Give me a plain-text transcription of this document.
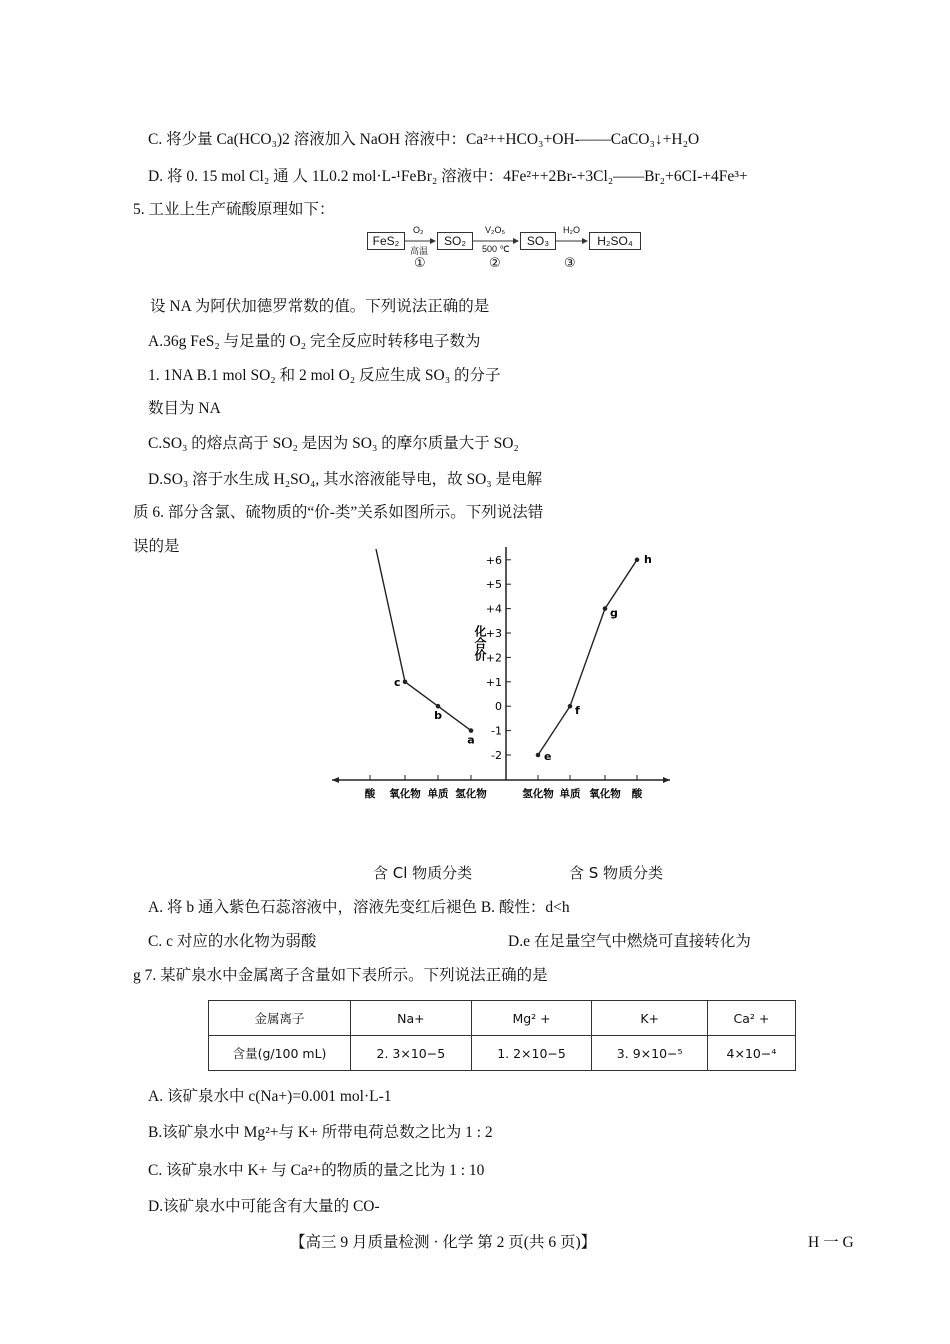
C. 将少量 Ca(HCO₃)2 溶液加入 NaOH 溶液中：Ca²++HCO₃+OH-——CaCO₃↓+H₂O
D. 将 0. 15 mol Cl₂ 通 人 1L0.2 mol·L-¹FeBr₂ 溶液中：4Fe²++2Br-+3Cl₂——Br₂+6CI-+4Fe³+
5. 工业上生产硫酸原理如下：
FeS₂	SO₂	SO₃	H₂SO₄
O₂
高温
V₂O₅
500 ℃
H₂O
①	②	③
设 NA 为阿伏加德罗常数的值。下列说法正确的是
A.36g FeS₂ 与足量的 O₂ 完全反应时转移电子数为
1. 1NA B.1 mol SO₂ 和 2 mol O₂ 反应生成 SO₃ 的分子
数目为 NA
C.SO₃ 的熔点高于 SO₂ 是因为 SO₃ 的摩尔质量大于 SO₂
D.SO₃ 溶于水生成 H₂SO₄, 其水溶液能导电，故 SO₃ 是电解
质 6. 部分含氯、硫物质的“价-类”关系如图所示。下列说法错
误的是
-2
-1
0
+1
+2
+3
+4
+5
+6
化合价
酸 氧化物 单质 氢化物	氢化物 单质 氧化物 酸
c
b
a
e
f
g
h
含 Cl 物质分类	含 S 物质分类
A. 将 b 通入紫色石蕊溶液中，溶液先变红后褪色 B. 酸性：d<h
C. c 对应的水化物为弱酸	D.e 在足量空气中燃烧可直接转化为
g 7. 某矿泉水中金属离子含量如下表所示。下列说法正确的是
金属离子	Na+	Mg² +	K+	Ca² +
含量(g/100 mL)	2. 3×10−5	1. 2×10−5	3. 9×10−⁵	4×10−⁴
A. 该矿泉水中 c(Na+)=0.001 mol·L-1
B.该矿泉水中 Mg²+与 K+ 所带电荷总数之比为 1 : 2
C. 该矿泉水中 K+ 与 Ca²+的物质的量之比为 1 : 10
D.该矿泉水中可能含有大量的 CO-
【高三 9 月质量检测 · 化学 第 2 页(共 6 页)】	H 一 G
